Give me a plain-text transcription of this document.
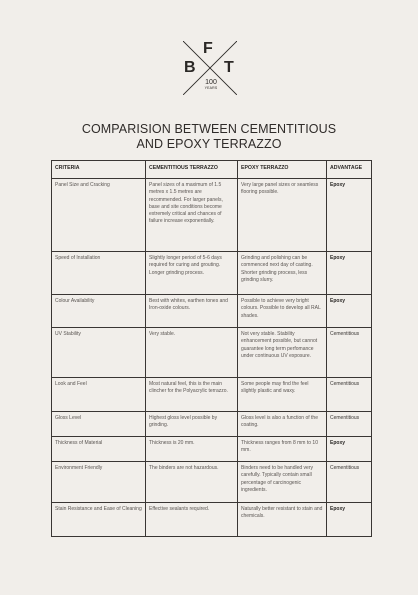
B
F
T
100
YEARS
COMPARISION BETWEEN CEMENTITIOUS
AND EPOXY TERRAZZO
CRITERIA	CEMENTITIOUS TERRAZZO	EPOXY TERRAZZO	ADVANTAGE
Panel Size and Cracking	Panel sizes of a maximum of 1.5 metres x 1.5 metres are recommended. For larger panels, base and site conditions become extremely critical and chances of failure increase exponentially.	Very large panel sizes or seamless flooring possible.	Epoxy
Speed of Installation	Slightly longer period of 5-6 days required for curing and grouting. Longer grinding process.	Grinding and polishing can be commenced next day of casting. Shorter grinding process, less grinding slurry.	Epoxy
Colour Availability	Best with whites, earthen tones and Iron-oxide colours.	Possible to achieve very bright colours. Possible to develop all RAL shades.	Epoxy
UV Stability	Very stable.	Not very stable. Stability enhancement possible, but cannot guarantee long term perfomance under continuous UV exposure.	Cementitious
Look and Feel	Most natural feel, this is the main clincher for the Polyacrylic terrazzo.	Some people may find the feel slightly plastic and waxy.	Cementitious
Gloss Level	Highest gloss level possible by grinding.	Gloss level is also a function of the coating.	Cementitious
Thickness of Material	Thickness is 20 mm.	Thickness ranges from 8 mm to 10 mm.	Epoxy
Environment Friendly	The binders are not hazardous.	Binders need to be handled very carefully. Typically contain small percentage of carcinogenic ingredients.	Cementitious
Stain Resistance and Ease of Cleaning	Effective sealants required.	Naturally better resistant to stain and chemicals.	Epoxy
